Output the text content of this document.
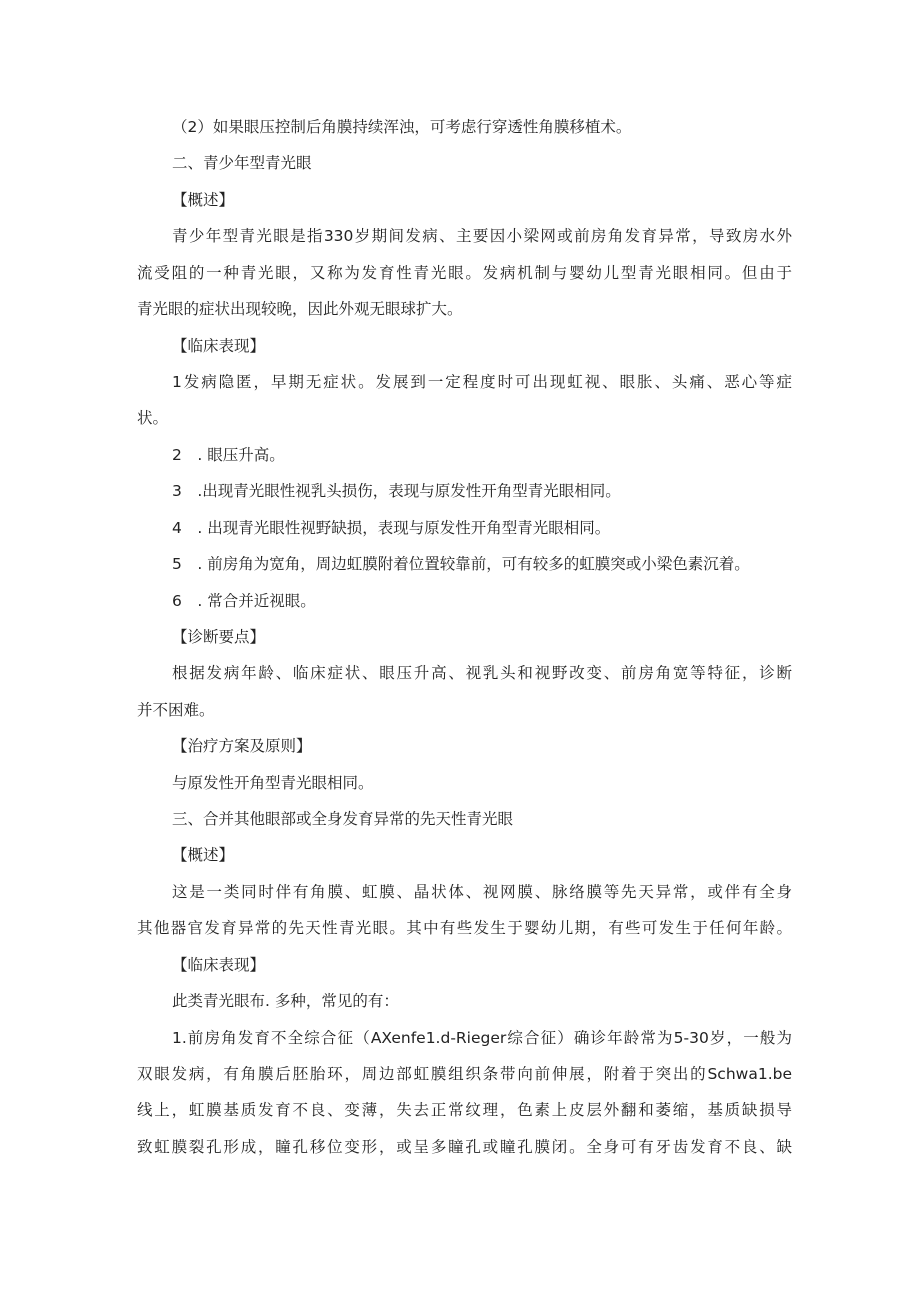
（2）如果眼压控制后角膜持续浑浊，可考虑行穿透性角膜移植术。
二、青少年型青光眼
【概述】
青少年型青光眼是指330岁期间发病、主要因小梁网或前房角发育异常，导致房水外
流受阻的一种青光眼，又称为发育性青光眼。发病机制与婴幼儿型青光眼相同。但由于
青光眼的症状出现较晚，因此外观无眼球扩大。
【临床表现】
1发病隐匿，早期无症状。发展到一定程度时可出现虹视、眼胀、头痛、恶心等症
状。
2　. 眼压升高。
3　.出现青光眼性视乳头损伤，表现与原发性开角型青光眼相同。
4　. 出现青光眼性视野缺损，表现与原发性开角型青光眼相同。
5　. 前房角为宽角，周边虹膜附着位置较靠前，可有较多的虹膜突或小梁色素沉着。
6　. 常合并近视眼。
【诊断要点】
根据发病年龄、临床症状、眼压升高、视乳头和视野改变、前房角宽等特征，诊断
并不困难。
【治疗方案及原则】
与原发性开角型青光眼相同。
三、合并其他眼部或全身发育异常的先天性青光眼
【概述】
这是一类同时伴有角膜、虹膜、晶状体、视网膜、脉络膜等先天异常，或伴有全身
其他器官发育异常的先天性青光眼。其中有些发生于婴幼儿期，有些可发生于任何年龄。
【临床表现】
此类青光眼布. 多种，常见的有：
1.前房角发育不全综合征（AXenfe1.d-Rieger综合征）确诊年龄常为5-30岁，一般为
双眼发病，有角膜后胚胎环，周边部虹膜组织条带向前伸展，附着于突出的Schwa1.be
线上，虹膜基质发育不良、变薄，失去正常纹理，色素上皮层外翻和萎缩，基质缺损导
致虹膜裂孔形成，瞳孔移位变形，或呈多瞳孔或瞳孔膜闭。全身可有牙齿发育不良、缺
